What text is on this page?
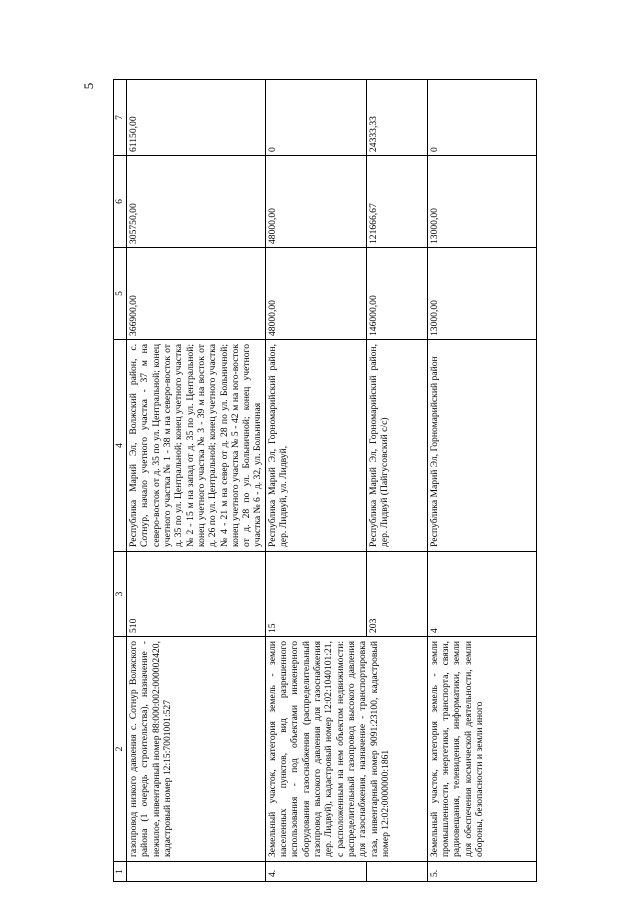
5
1	2	3	4	5	6	7
	газопровод низкого давления с. Сотнур Волжского района (1 очередь строительства), назначение - нежилое, инвентарный номер 88:000:002:000002420, кадастровый номер 12:15:7001001:527	510	Республика Марий Эл, Волжский район, с. Сотнур, начало учетного участка - 37 м на северо-восток от д. 35 по ул. Центральной; конец учетного участка № 1 - 38 м на северо-восток от д. 35 по ул. Центральной; конец учетного участка № 2 - 15 м на запад от д. 35 по ул. Центральной; конец учетного участка № 3 - 39 м на восток от д. 26 по ул. Центральной; конец учетного участка № 4 - 21 м на север от д. 28 по ул. Больничной; конец учетного участка № 5 - 42 м на юго-восток от д. 28 по ул. Больничной; конец учетного участка № 6 - д. 32, ул. Больничная	366900,00	305750,00	61150,00
4.	Земельный участок, категория земель - земли населенных пунктов, вид разрешенного использования - под объектами инженерного оборудования газоснабжения (распределительный газопровод высокого давления для газоснабжения дер. Лидвуй), кадастровый номер 12:02:1040101:21, с расположенным на нем объектом недвижимости: распределительный газопровод высокого давления для газоснабжения, назначение - транспортировка газа, инвентарный номер 9091:23100, кадастровый номер 12:02:0000000:1861	15	Республика Марий Эл, Горномарийский район, дер. Лидвуй, ул. Лидвуй,	48000,00	48000,00	0
		203	Республика Марий Эл, Горномарийский район, дер. Лидвуй (Пайгусовский с/с)	146000,00	121666,67	24333,33
5.	Земельный участок, категория земель - земли промышленности, энергетики, транспорта, связи, радиовещания, телевидения, информатики, земли для обеспечения космической деятельности, земли обороны, безопасности и земли иного	4	Республика Марий Эл, Горномарийский район	13000,00	13000,00	0
